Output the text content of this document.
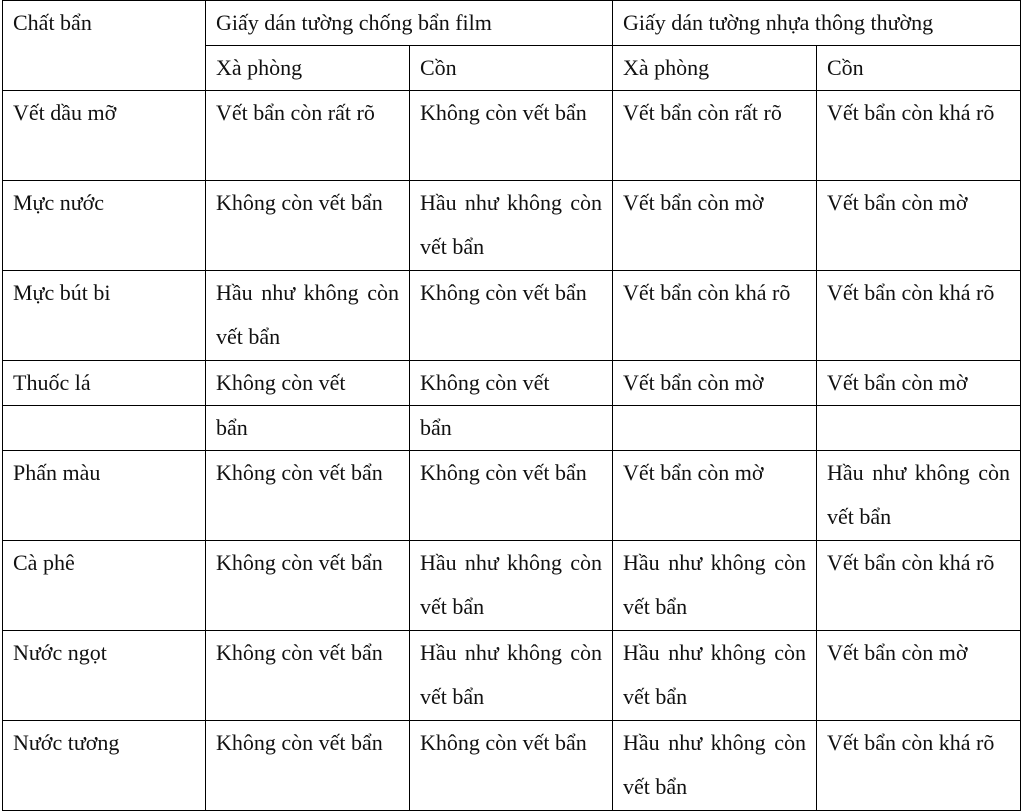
Chất bẩn	Giấy dán tường chống bẩn film		Giấy dán tường nhựa thông thường	
	Xà phòng	Cồn	Xà phòng	Cồn
Vết dầu mỡ	Vết bẩn còn rất rõ	Không còn vết bẩn	Vết bẩn còn rất rõ	Vết bẩn còn khá rõ
Mực nước	Không còn vết bẩn	Hầu như không còn vết bẩn	Vết bẩn còn mờ	Vết bẩn còn mờ
Mực bút bi	Hầu như không còn vết bẩn	Không còn vết bẩn	Vết bẩn còn khá rõ	Vết bẩn còn khá rõ
Thuốc lá	Không còn vết	Không còn vết	Vết bẩn còn mờ	Vết bẩn còn mờ
	bẩn	bẩn		
Phấn màu	Không còn vết bẩn	Không còn vết bẩn	Vết bẩn còn mờ	Hầu như không còn vết bẩn
Cà phê	Không còn vết bẩn	Hầu như không còn vết bẩn	Hầu như không còn vết bẩn	Vết bẩn còn khá rõ
Nước ngọt	Không còn vết bẩn	Hầu như không còn vết bẩn	Hầu như không còn vết bẩn	Vết bẩn còn mờ
Nước tương	Không còn vết bẩn	Không còn vết bẩn	Hầu như không còn vết bẩn	Vết bẩn còn khá rõ
